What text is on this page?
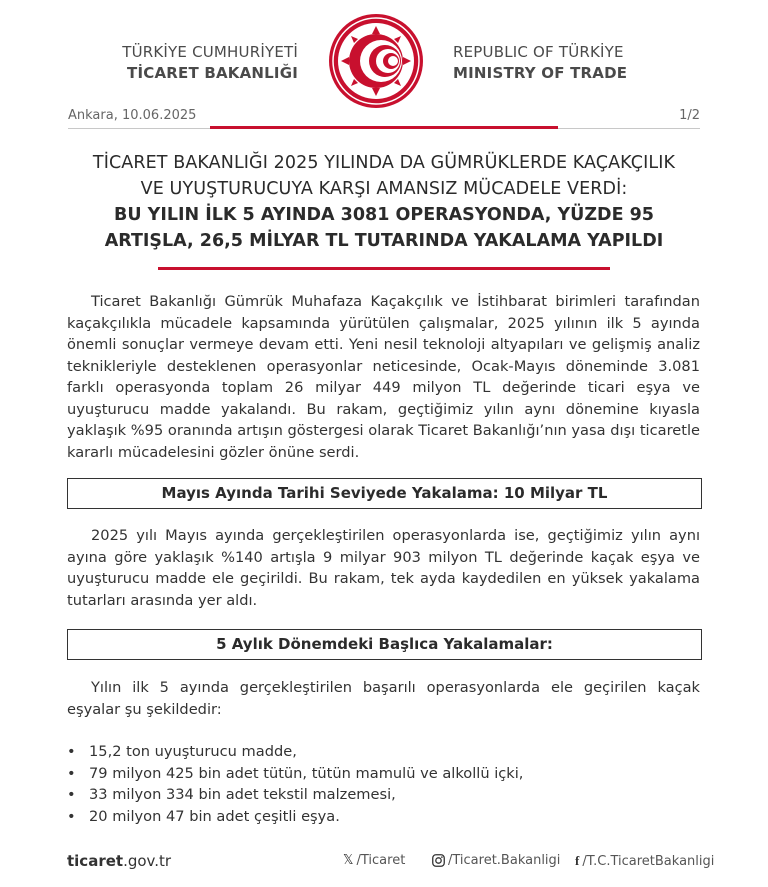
TÜRKİYE CUMHURİYETİ
TİCARET BAKANLIĞI
REPUBLIC OF TÜRKİYE
MINISTRY OF TRADE
Ankara, 10.06.2025	1/2
TİCARET BAKANLIĞI 2025 YILINDA DA GÜMRÜKLERDE KAÇAKÇILIK
VE UYUŞTURUCUYA KARŞI AMANSIZ MÜCADELE VERDİ:
BU YILIN İLK 5 AYINDA 3081 OPERASYONDA, YÜZDE 95
ARTIŞLA, 26,5 MİLYAR TL TUTARINDA YAKALAMA YAPILDI

Ticaret Bakanlığı Gümrük Muhafaza Kaçakçılık ve İstihbarat birimleri tarafından kaçakçılıkla mücadele kapsamında yürütülen çalışmalar, 2025 yılının ilk 5 ayında önemli sonuçlar vermeye devam etti. Yeni nesil teknoloji altyapıları ve gelişmiş analiz teknikleriyle desteklenen operasyonlar neticesinde, Ocak-Mayıs döneminde 3.081 farklı operasyonda toplam 26 milyar 449 milyon TL değerinde ticari eşya ve uyuşturucu madde yakalandı. Bu rakam, geçtiğimiz yılın aynı dönemine kıyasla yaklaşık %95 oranında artışın göstergesi olarak Ticaret Bakanlığı’nın yasa dışı ticaretle kararlı mücadelesini gözler önüne serdi.

Mayıs Ayında Tarihi Seviyede Yakalama: 10 Milyar TL

2025 yılı Mayıs ayında gerçekleştirilen operasyonlarda ise, geçtiğimiz yılın aynı ayına göre yaklaşık %140 artışla 9 milyar 903 milyon TL değerinde kaçak eşya ve uyuşturucu madde ele geçirildi. Bu rakam, tek ayda kaydedilen en yüksek yakalama tutarları arasında yer aldı.

5 Aylık Dönemdeki Başlıca Yakalamalar:

Yılın ilk 5 ayında gerçekleştirilen başarılı operasyonlarda ele geçirilen kaçak eşyalar şu şekildedir:

• 15,2 ton uyuşturucu madde,
• 79 milyon 425 bin adet tütün, tütün mamulü ve alkollü içki,
• 33 milyon 334 bin adet tekstil malzemesi,
• 20 milyon 47 bin adet çeşitli eşya.
ticaret.gov.tr	𝕏 /Ticaret	/Ticaret.Bakanligi f /T.C.TicaretBakanligi
